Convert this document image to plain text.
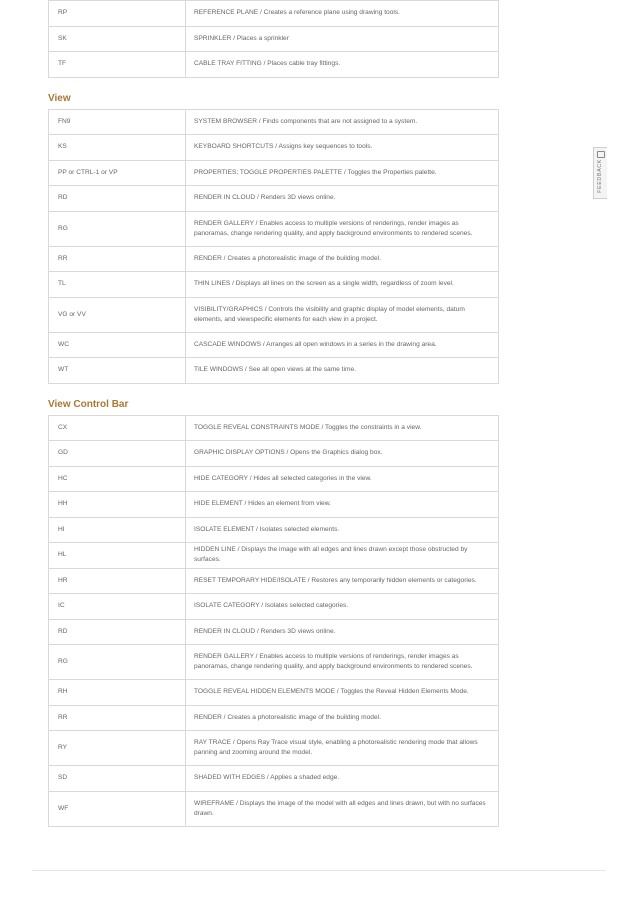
RP	REFERENCE PLANE / Creates a reference plane using drawing tools.
SK	SPRINKLER / Places a sprinkler
TF	CABLE TRAY FITTING / Places cable tray fittings.
View
FN9	SYSTEM BROWSER / Finds components that are not assigned to a system.
KS	KEYBOARD SHORTCUTS / Assigns key sequences to tools.
PP or CTRL-1 or VP	PROPERTIES; TOGGLE PROPERTIES PALETTE / Toggles the Properties palette.
RD	RENDER IN CLOUD / Renders 3D views online.
RG	RENDER GALLERY / Enables access to multiple versions of renderings, render images as panoramas, change rendering quality, and apply background environments to rendered scenes.
RR	RENDER / Creates a photorealistic image of the building model.
TL	THIN LINES / Displays all lines on the screen as a single width, regardless of zoom level.
VG or VV	VISIBILITY/GRAPHICS / Controls the visibility and graphic display of model elements, datum elements, and viewspecific elements for each view in a project.
WC	CASCADE WINDOWS / Arranges all open windows in a series in the drawing area.
WT	TILE WINDOWS / See all open views at the same time.
View Control Bar
CX	TOGGLE REVEAL CONSTRAINTS MODE / Toggles the constraints in a view.
GD	GRAPHIC DISPLAY OPTIONS / Opens the Graphics dialog box.
HC	HIDE CATEGORY / Hides all selected categories in the view.
HH	HIDE ELEMENT / Hides an element from view.
HI	ISOLATE ELEMENT / Isolates selected elements.
HL	HIDDEN LINE / Displays the image with all edges and lines drawn except those obstructed by surfaces.
HR	RESET TEMPORARY HIDE/ISOLATE / Restores any temporarily hidden elements or categories.
IC	ISOLATE CATEGORY / Isolates selected categories.
RD	RENDER IN CLOUD / Renders 3D views online.
RG	RENDER GALLERY / Enables access to multiple versions of renderings, render images as panoramas, change rendering quality, and apply background environments to rendered scenes.
RH	TOGGLE REVEAL HIDDEN ELEMENTS MODE / Toggles the Reveal Hidden Elements Mode.
RR	RENDER / Creates a photorealistic image of the building model.
RY	RAY TRACE / Opens Ray Trace visual style, enabling a photorealistic rendering mode that allows panning and zooming around the model.
SD	SHADED WITH EDGES / Applies a shaded edge.
WF	WIREFRAME / Displays the image of the model with all edges and lines drawn, but with no surfaces drawn.
FEEDBACK
